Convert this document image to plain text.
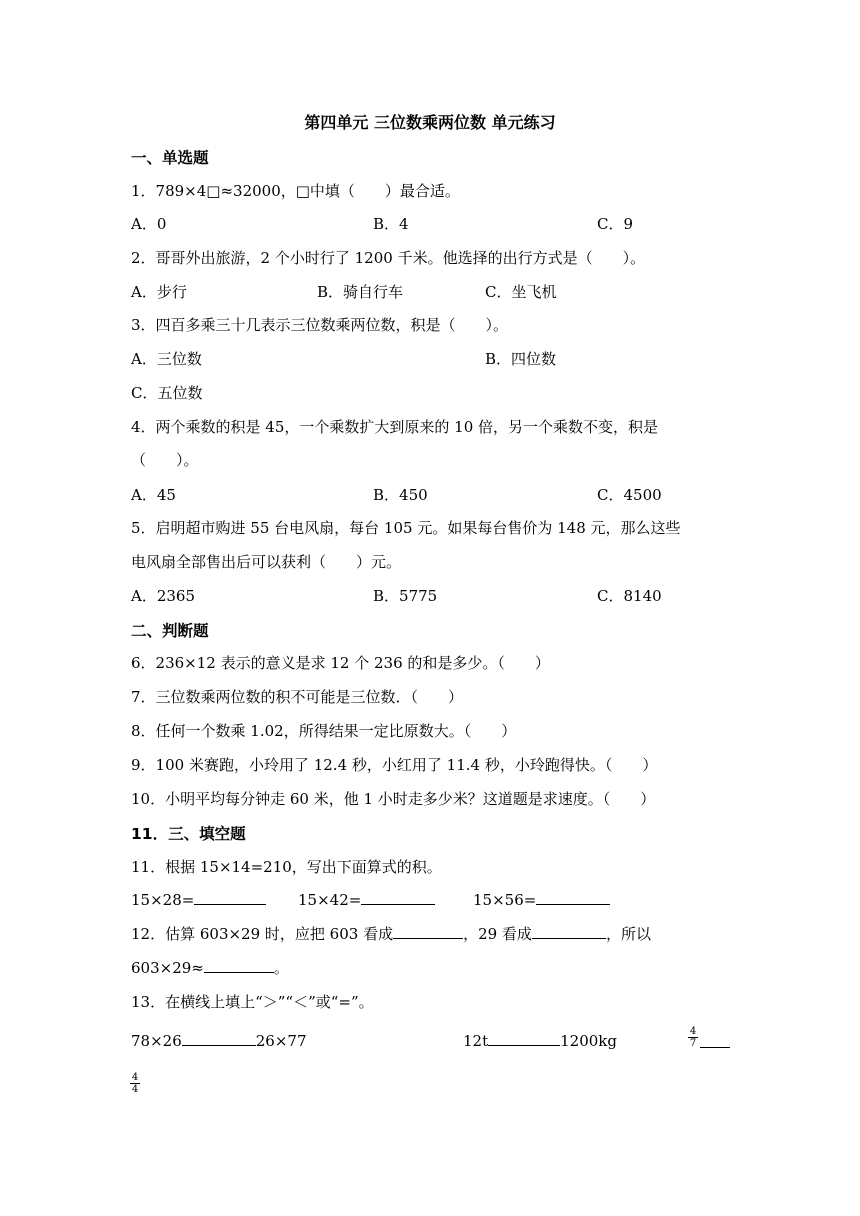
第四单元 三位数乘两位数 单元练习
一、单选题
1．789×4□≈32000，□中填（　　）最合适。
A．0	B．4	C．9
2．哥哥外出旅游，2 个小时行了 1200 千米。他选择的出行方式是（　　）。
A．步行	B．骑自行车	C．坐飞机
3．四百多乘三十几表示三位数乘两位数，积是（　　）。
A．三位数	B．四位数
C．五位数
4．两个乘数的积是 45，一个乘数扩大到原来的 10 倍，另一个乘数不变，积是
（　　）。
A．45	B．450	C．4500
5．启明超市购进 55 台电风扇，每台 105 元。如果每台售价为 148 元，那么这些
电风扇全部售出后可以获利（　　）元。
A．2365	B．5775	C．8140
二、判断题
6．236×12 表示的意义是求 12 个 236 的和是多少。（　　）
7．三位数乘两位数的积不可能是三位数．（　　）
8．任何一个数乘 1.02，所得结果一定比原数大。（　　）
9．100 米赛跑，小玲用了 12.4 秒，小红用了 11.4 秒，小玲跑得快。（　　）
10．小明平均每分钟走 60 米，他 1 小时走多少米？这道题是求速度。（　　）
11．三、填空题
11．根据 15×14=210，写出下面算式的积。
15×28=	15×42=	15×56=
12．估算 603×29 时，应把 603 看成	，29 看成	，所以
603×29≈	。
13．在横线上填上“＞”“＜”或“=”。
78×26	26×77	12t	1200kg	$\frac{4}{7}$
$\frac{4}{4}$
